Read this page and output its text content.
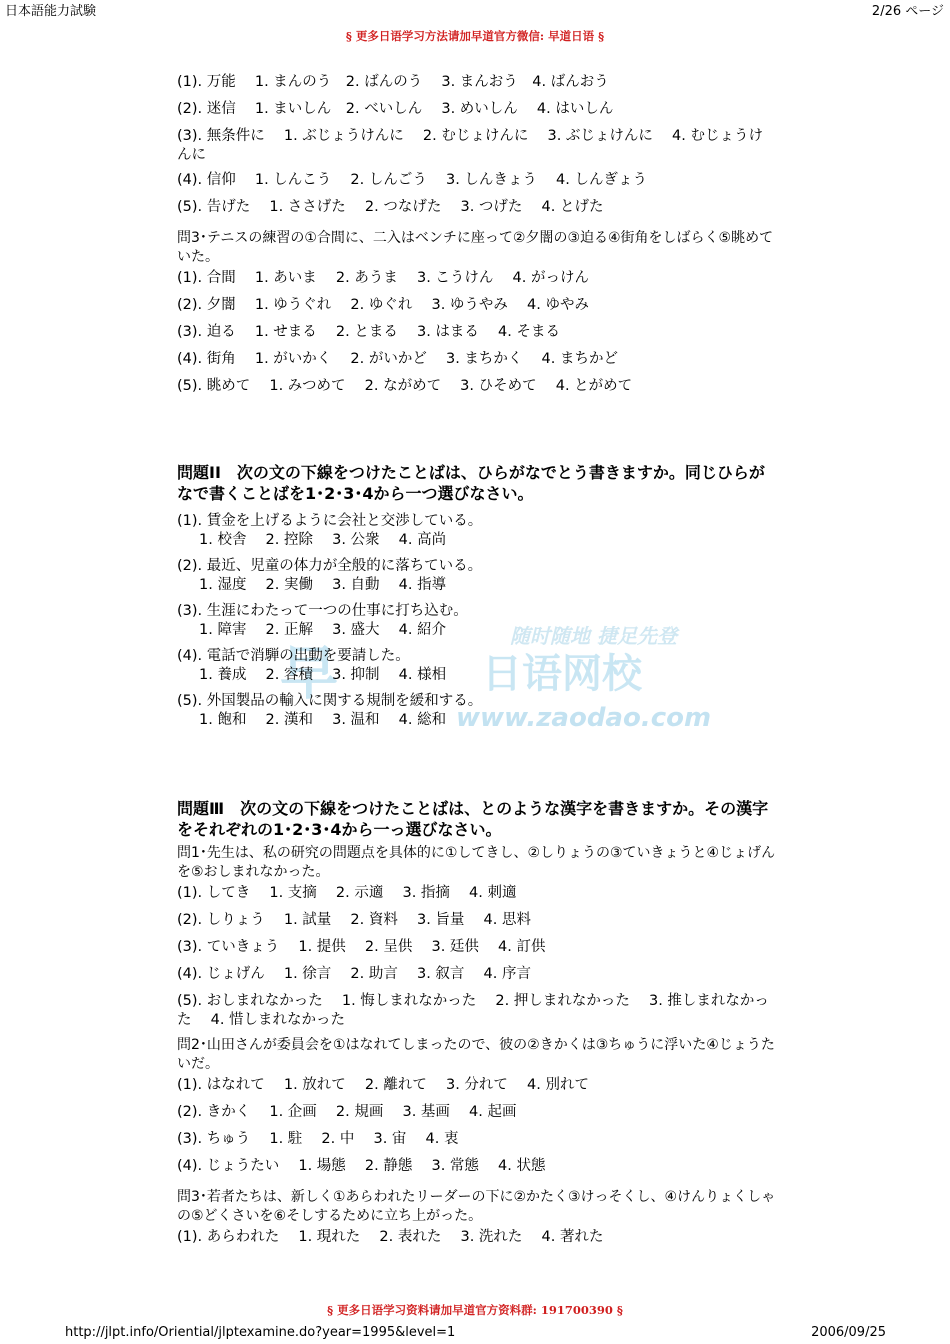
日本語能力試験	2/26 ページ
§ 更多日语学习方法请加早道官方微信: 早道日语 §
早
随时随地 捷足先登
日语网校
www.zaodao.com
(1). 万能　 1. まんのう　2. ばんのう　 3. まんおう　4. ばんおう
(2). 迷信　 1. まいしん　2. べいしん　 3. めいしん　 4. はいしん
(3). 無条件に　 1. ぶじょうけんに　 2. むじょけんに　 3. ぶじょけんに　 4. むじょうけんに
(4). 信仰　 1. しんこう　 2. しんごう　 3. しんきょう　 4. しんぎょう
(5). 告げた　 1. ささげた　 2. つなげた　 3. つげた　 4. とげた
問3･テニスの練習の①合間に、二入はベンチに座って②夕闇の③迫る④街角をしばらく⑤眺めていた。
(1). 合間　 1. あいま　 2. あうま　 3. こうけん　 4. がっけん
(2). 夕闇　 1. ゆうぐれ　 2. ゆぐれ　 3. ゆうやみ　 4. ゆやみ
(3). 迫る　 1. せまる　 2. とまる　 3. はまる　 4. そまる
(4). 街角　 1. がいかく　 2. がいかど　 3. まちかく　 4. まちかど
(5). 眺めて　 1. みつめて　 2. ながめて　 3. ひそめて　 4. とがめて
問題II　次の文の下線をつけたことばは、ひらがなでとう書きますか。同じひらがなで書くことばを1･2･3･4から一つ選びなさい。
(1). 賃金を上げるように会社と交渉している。
1. 校舎　 2. 控除　 3. 公衆　 4. 高尚
(2). 最近、児童の体力が全般的に落ちている。
1. 湿度　 2. 実働　 3. 自動　 4. 指導
(3). 生涯にわたって一つの仕事に打ち込む。
1. 障害　 2. 正解　 3. 盛大　 4. 紹介
(4). 電話で消騨の出動を要請した。
1. 養成　 2. 容積　 3. 抑制　 4. 様相
(5). 外国製品の輸入に関する規制を緩和する。
1. 飽和　 2. 漢和　 3. 温和　 4. 総和
問題Ⅲ　次の文の下線をつけたことばは、とのような漢字を書きますか。その漢字をそれぞれの1･2･3･4から一っ選びなさい。
問1･先生は、私の研究の問題点を具体的に①してきし、②しりょうの③ていきょうと④じょげんを⑤おしまれなかった。
(1). してき　 1. 支摘　 2. 示適　 3. 指摘　 4. 刺適
(2). しりょう　 1. 試量　 2. 資料　 3. 旨量　 4. 思料
(3). ていきょう　 1. 提供　 2. 呈供　 3. 廷供　 4. 訂供
(4). じょげん　 1. 徐言　 2. 助言　 3. 叙言　 4. 序言
(5). おしまれなかった　 1. 悔しまれなかった　 2. 押しまれなかった　 3. 推しまれなかった　 4. 惜しまれなかった
問2･山田さんが委員会を①はなれてしまったので、彼の②きかくは③ちゅうに浮いた④じょうたいだ。
(1). はなれて　 1. 放れて　 2. 離れて　 3. 分れて　 4. 別れて
(2). きかく　 1. 企画　 2. 規画　 3. 基画　 4. 起画
(3). ちゅう　 1. 駐　 2. 中　 3. 宙　 4. 衷
(4). じょうたい　 1. 場態　 2. 静態　 3. 常態　 4. 状態
問3･若者たちは、新しく①あらわれたリーダーの下に②かたく③けっそくし、④けんりょくしゃの⑤どくさいを⑥そしするために立ち上がった。
(1). あらわれた　 1. 現れた　 2. 表れた　 3. 洗れた　 4. 著れた
§ 更多日语学习资料请加早道官方资料群: 191700390 §
http://jlpt.info/Oriential/jlptexamine.do?year=1995&level=1	2006/09/25
